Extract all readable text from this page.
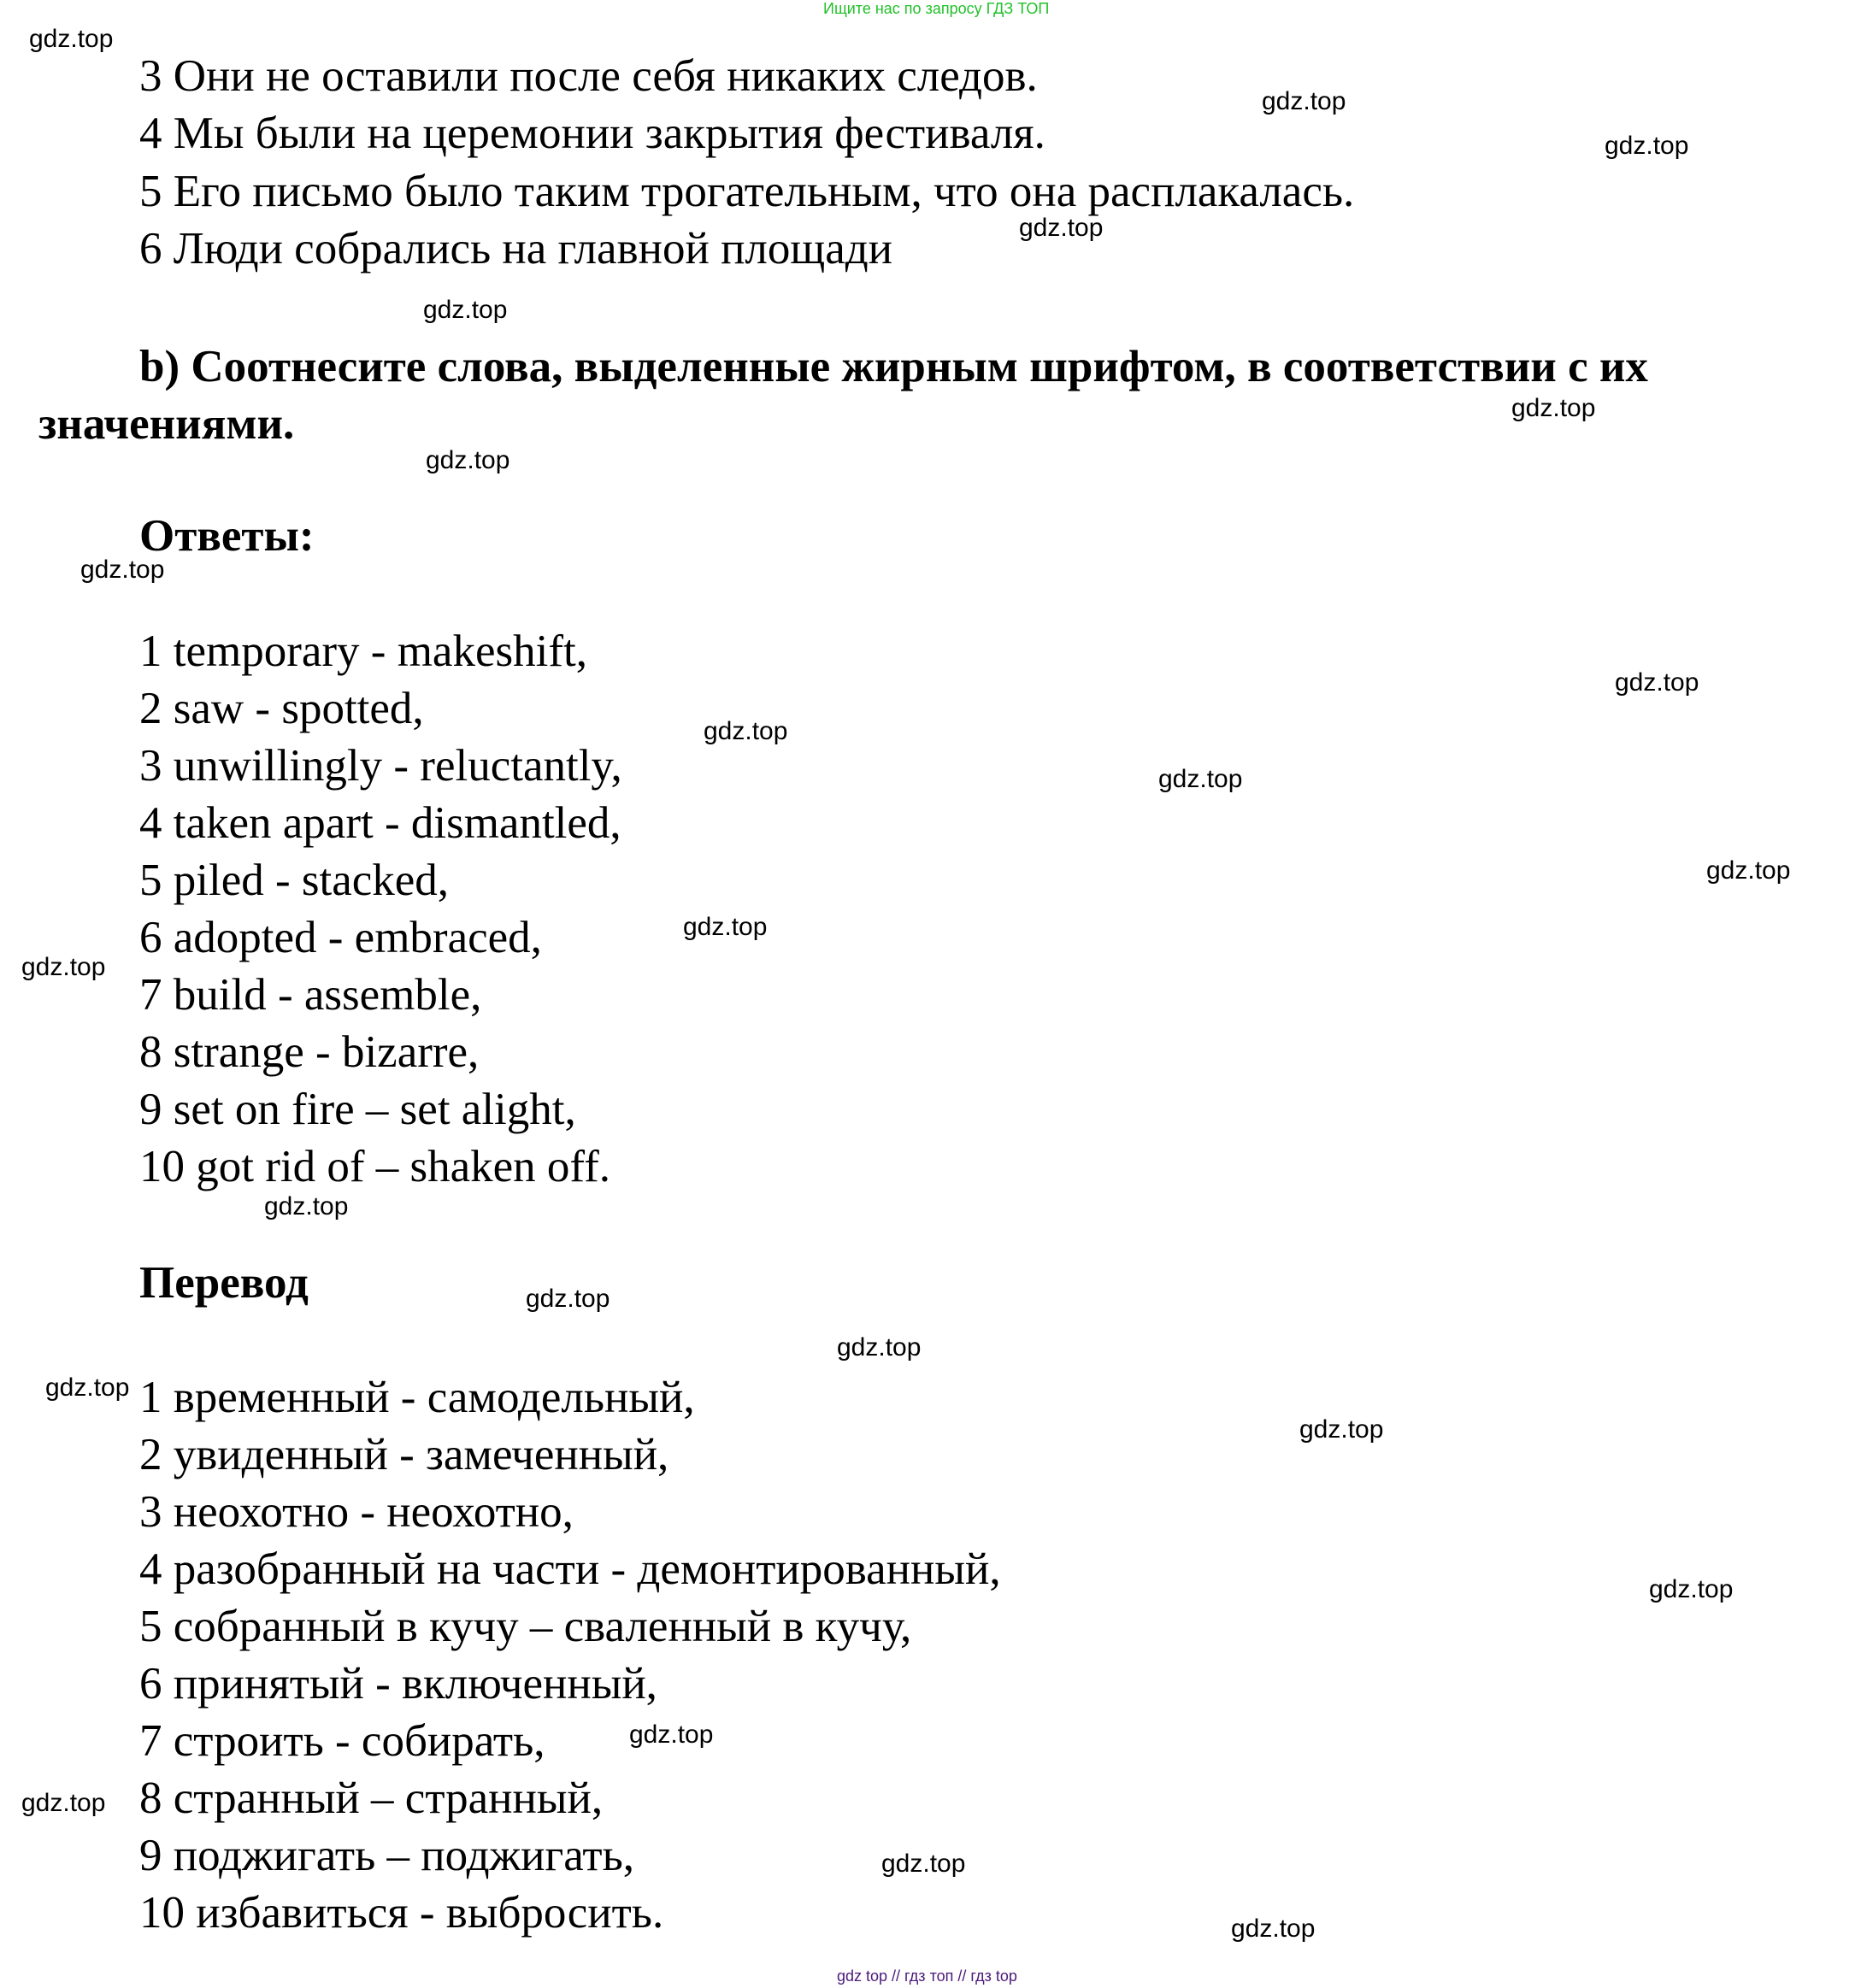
Ищите нас по запросу ГДЗ ТОП
3 Они не оставили после себя никаких следов.
4 Мы были на церемонии закрытия фестиваля.
5 Его письмо было таким трогательным, что она расплакалась.
6 Люди собрались на главной площади
b) Соотнесите слова, выделенные жирным шрифтом, в соответствии с их значениями.
Ответы:
1 temporary - makeshift,
2 saw - spotted,
3 unwillingly - reluctantly,
4 taken apart - dismantled,
5 piled - stacked,
6 adopted - embraced,
7 build - assemble,
8 strange - bizarre,
9 set on fire – set alight,
10 got rid of – shaken off.
Перевод
1 временный - самодельный,
2 увиденный - замеченный,
3 неохотно - неохотно,
4 разобранный на части - демонтированный,
5 собранный в кучу – сваленный в кучу,
6 принятый - включенный,
7 строить - собирать,
8 странный – странный,
9 поджигать – поджигать,
10 избавиться - выбросить.
gdz.top
gdz.top
gdz.top
gdz.top
gdz.top
gdz.top
gdz.top
gdz.top
gdz.top
gdz.top
gdz.top
gdz.top
gdz.top
gdz.top
gdz.top
gdz.top
gdz.top
gdz.top
gdz.top
gdz.top
gdz.top
gdz.top
gdz.top
gdz.top
gdz top // гдз топ // гдз top
